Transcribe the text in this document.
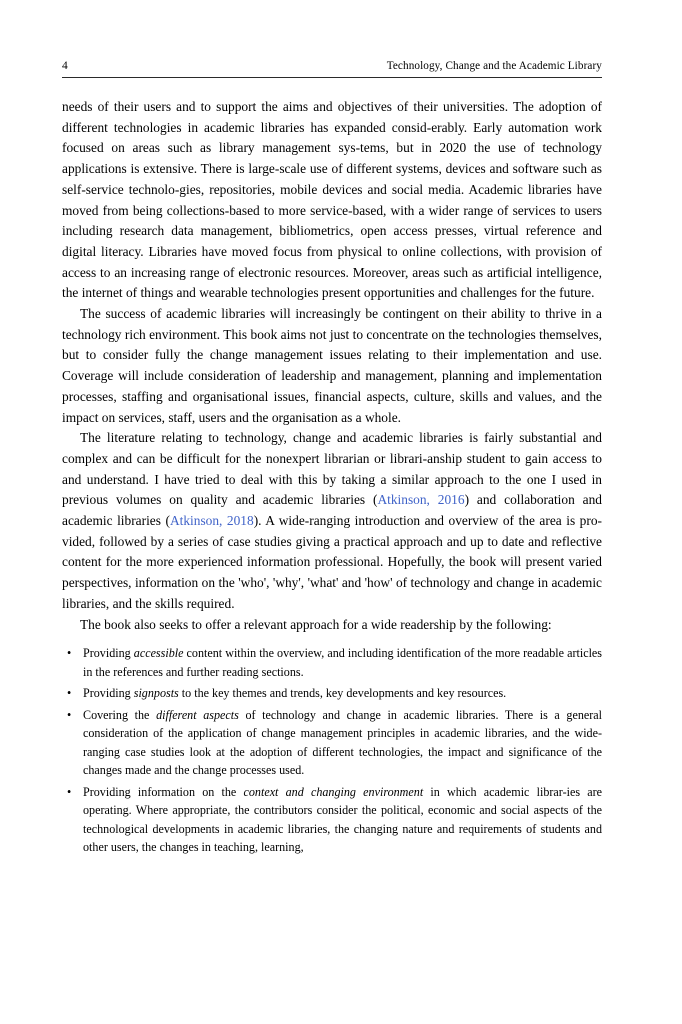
4	Technology, Change and the Academic Library

needs of their users and to support the aims and objectives of their universities. The adoption of different technologies in academic libraries has expanded consid-erably. Early automation work focused on areas such as library management sys-tems, but in 2020 the use of technology applications is extensive. There is large-scale use of different systems, devices and software such as self-service technolo-gies, repositories, mobile devices and social media. Academic libraries have moved from being collections-based to more service-based, with a wider range of services to users including research data management, bibliometrics, open access presses, virtual reference and digital literacy. Libraries have moved focus from physical to online collections, with provision of access to an increasing range of electronic resources. Moreover, areas such as artificial intelligence, the internet of things and wearable technologies present opportunities and challenges for the future.

The success of academic libraries will increasingly be contingent on their ability to thrive in a technology rich environment. This book aims not just to concentrate on the technologies themselves, but to consider fully the change management issues relating to their implementation and use. Coverage will include consideration of leadership and management, planning and implementation processes, staffing and organisational issues, financial aspects, culture, skills and values, and the impact on services, staff, users and the organisation as a whole.

The literature relating to technology, change and academic libraries is fairly substantial and complex and can be difficult for the nonexpert librarian or librari-anship student to gain access to and understand. I have tried to deal with this by taking a similar approach to the one I used in previous volumes on quality and academic libraries (Atkinson, 2016) and collaboration and academic libraries (Atkinson, 2018). A wide-ranging introduction and overview of the area is pro-vided, followed by a series of case studies giving a practical approach and up to date and reflective content for the more experienced information professional. Hopefully, the book will present varied perspectives, information on the 'who', 'why', 'what' and 'how' of technology and change in academic libraries, and the skills required.

The book also seeks to offer a relevant approach for a wide readership by the following:

• Providing accessible content within the overview, and including identification of the more readable articles in the references and further reading sections.
• Providing signposts to the key themes and trends, key developments and key resources.
• Covering the different aspects of technology and change in academic libraries. There is a general consideration of the application of change management principles in academic libraries, and the wide-ranging case studies look at the adoption of different technologies, the impact and significance of the changes made and the change processes used.
• Providing information on the context and changing environment in which academic librar-ies are operating. Where appropriate, the contributors consider the political, economic and social aspects of the technological developments in academic libraries, the changing nature and requirements of students and other users, the changes in teaching, learning,
